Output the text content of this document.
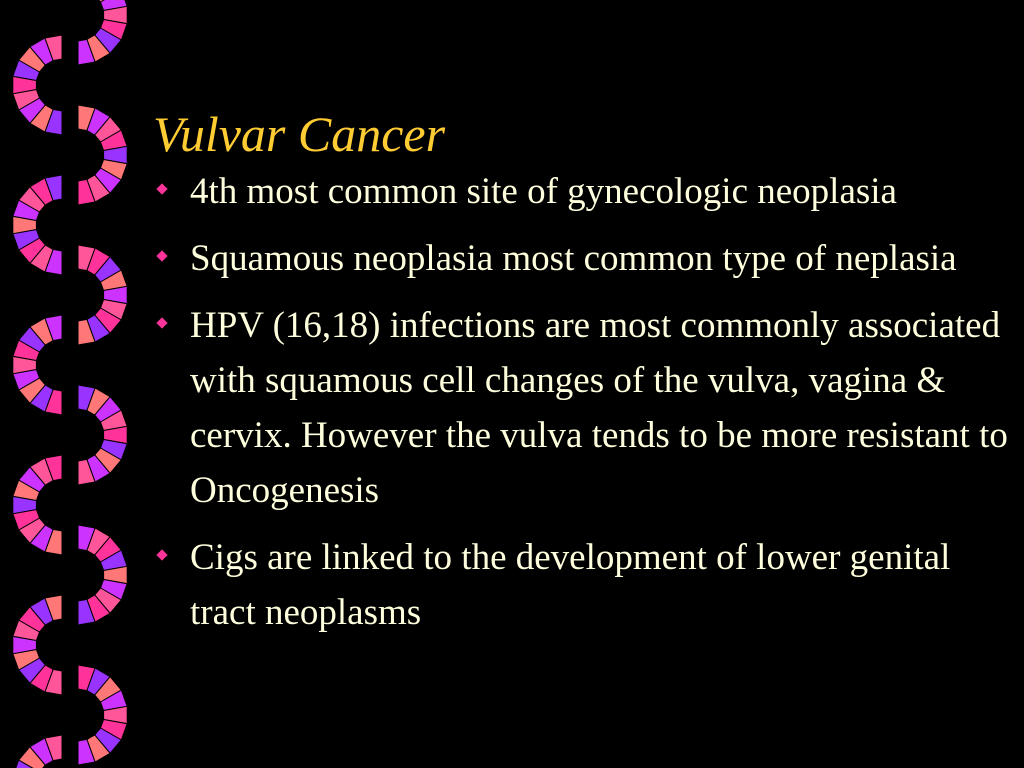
Vulvar Cancer
4th most common site of gynecologic neoplasia
Squamous neoplasia most common type of neplasia
HPV (16,18) infections are most commonly associated with squamous cell changes of the vulva, vagina & cervix. However the vulva tends to be more resistant to Oncogenesis
Cigs are linked to the development of lower genital tract neoplasms
